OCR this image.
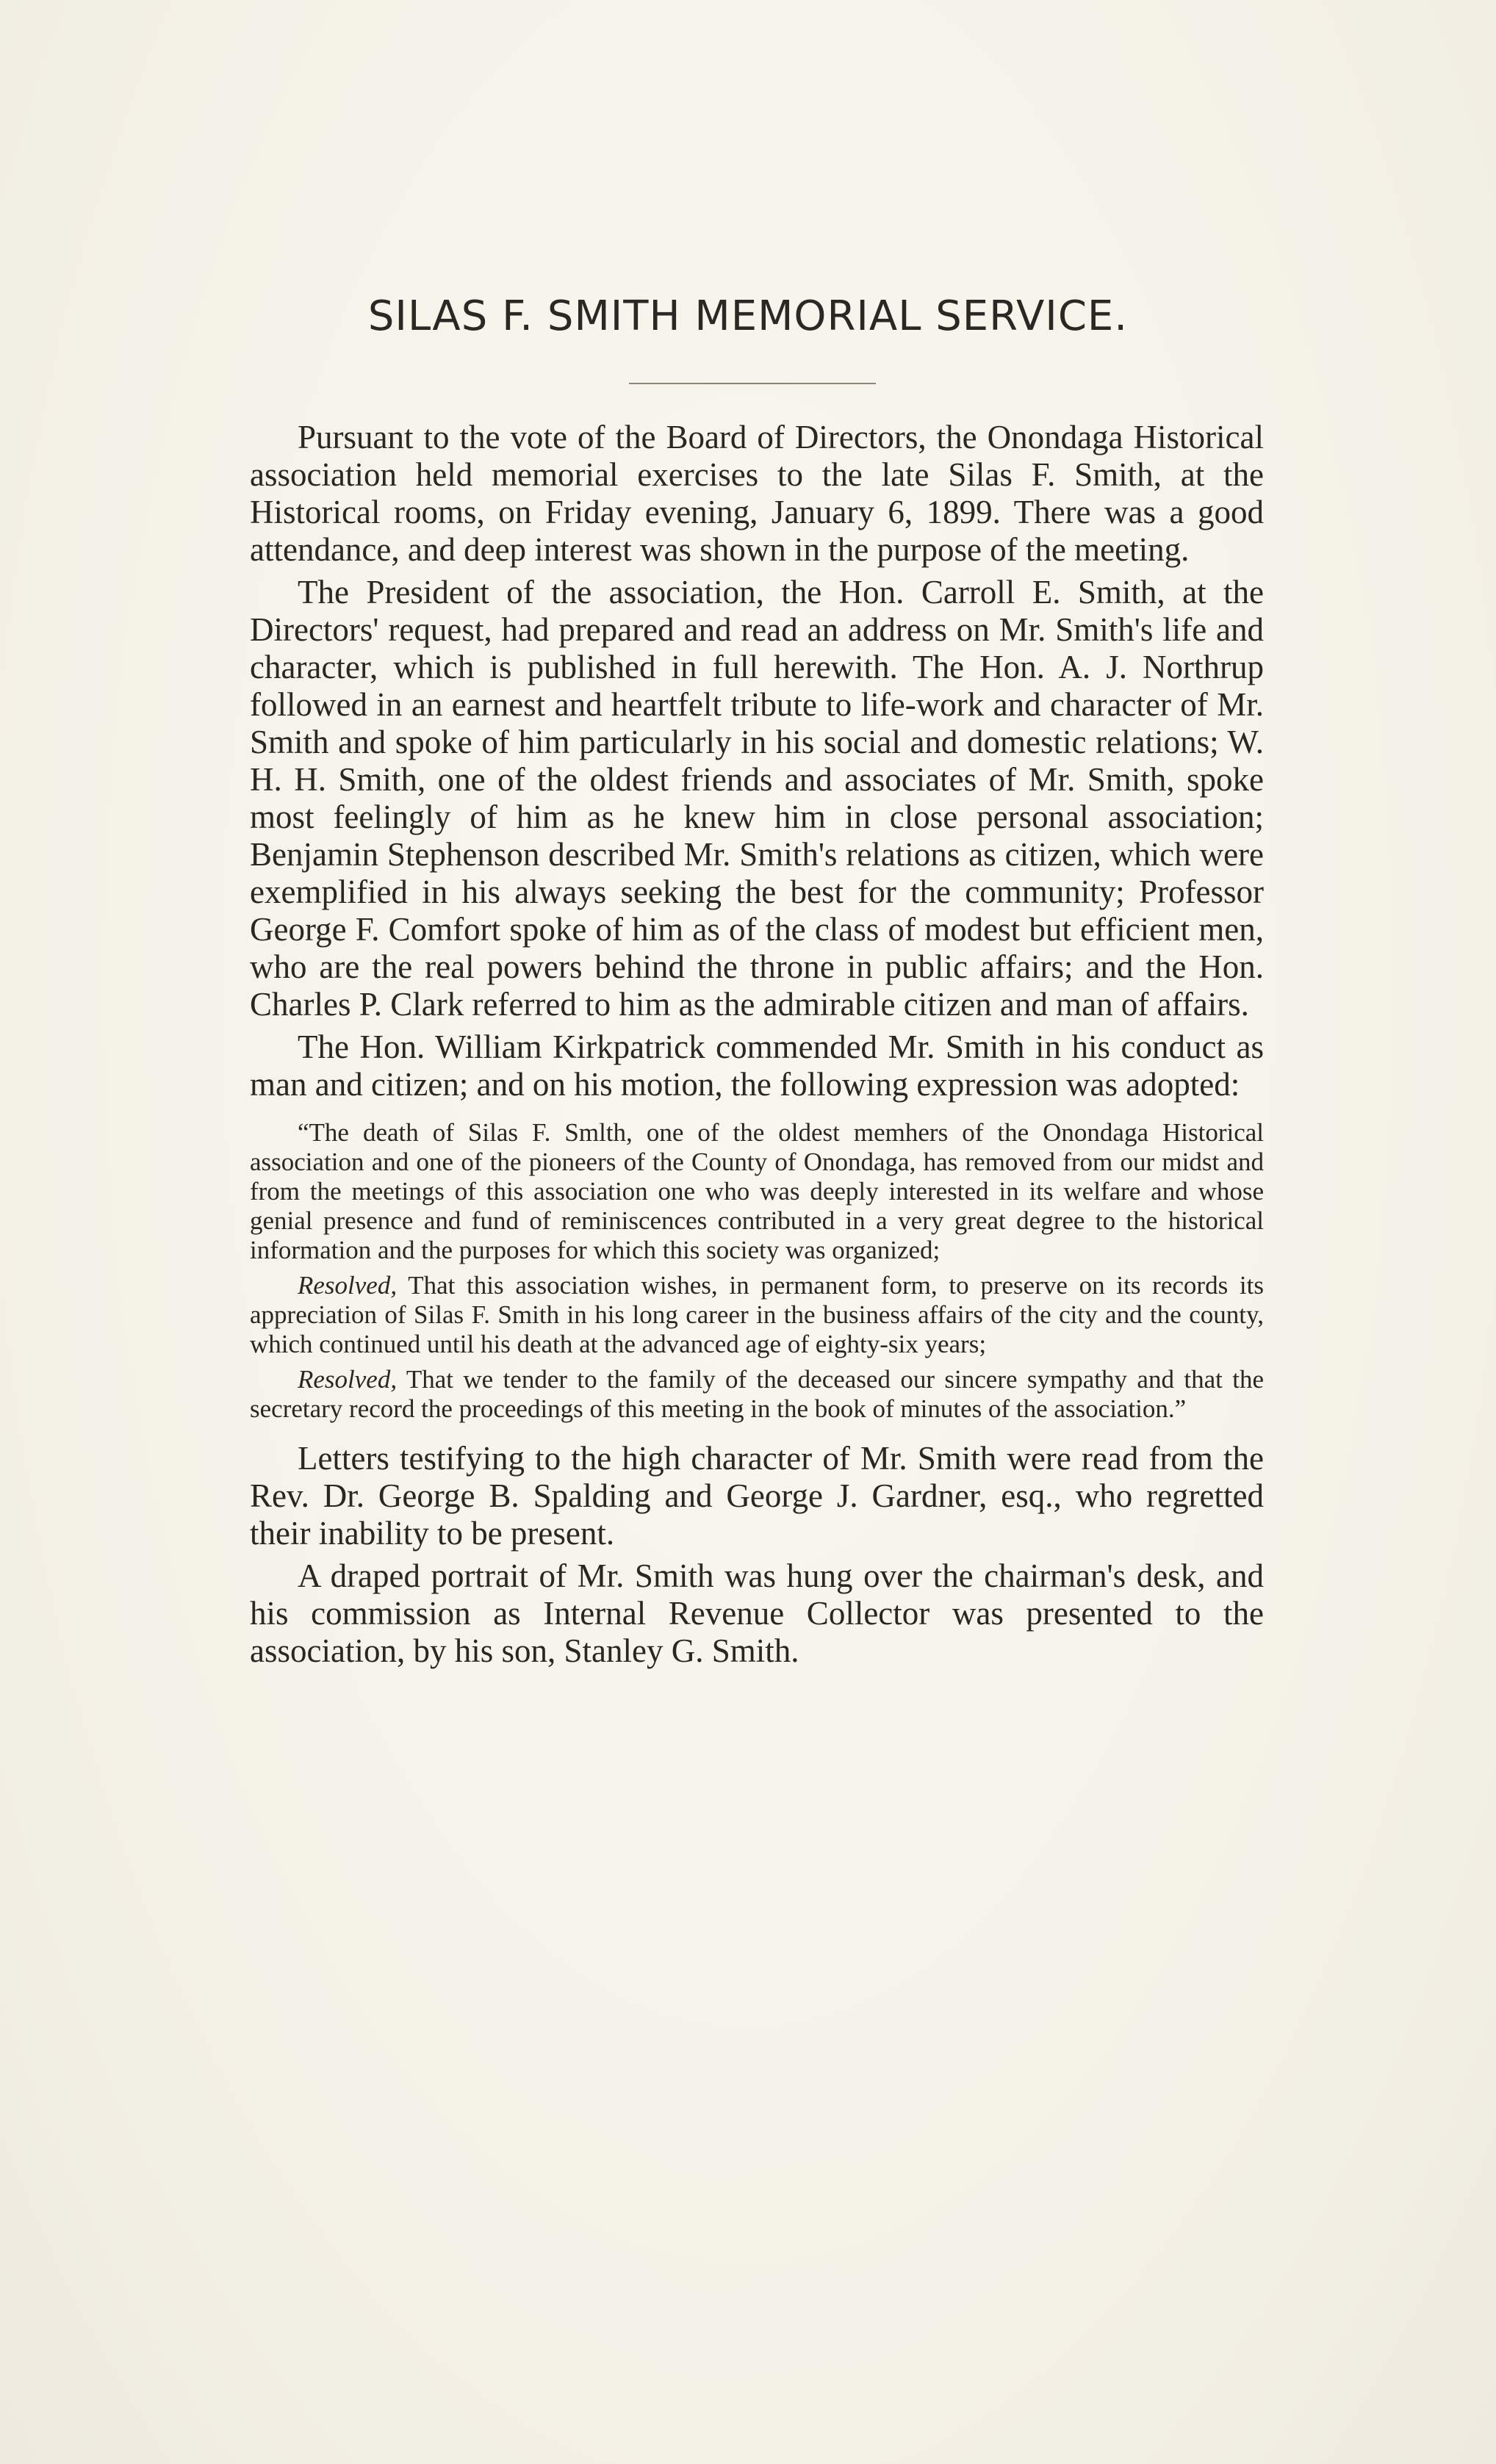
SILAS F. SMITH MEMORIAL SERVICE.

Pursuant to the vote of the Board of Directors, the Onondaga Historical association held memorial exercises to the late Silas F. Smith, at the Historical rooms, on Friday evening, January 6, 1899. There was a good attendance, and deep interest was shown in the purpose of the meeting.

The President of the association, the Hon. Carroll E. Smith, at the Directors' request, had prepared and read an address on Mr. Smith's life and character, which is published in full herewith. The Hon. A. J. Northrup followed in an earnest and heartfelt tribute to life-work and character of Mr. Smith and spoke of him particularly in his social and domestic relations; W. H. H. Smith, one of the oldest friends and associates of Mr. Smith, spoke most feelingly of him as he knew him in close personal association; Benjamin Stephenson described Mr. Smith's relations as citizen, which were exemplified in his always seeking the best for the community; Professor George F. Comfort spoke of him as of the class of modest but efficient men, who are the real powers behind the throne in public affairs; and the Hon. Charles P. Clark referred to him as the admirable citizen and man of affairs.

The Hon. William Kirkpatrick commended Mr. Smith in his conduct as man and citizen; and on his motion, the following expression was adopted:

“The death of Silas F. Smlth, one of the oldest memhers of the Onondaga Historical association and one of the pioneers of the County of Onondaga, has removed from our midst and from the meetings of this association one who was deeply interested in its welfare and whose genial presence and fund of reminiscences contributed in a very great degree to the historical information and the purposes for which this society was organized;

Resolved, That this association wishes, in permanent form, to preserve on its records its appreciation of Silas F. Smith in his long career in the business affairs of the city and the county, which continued until his death at the advanced age of eighty-six years;

Resolved, That we tender to the family of the deceased our sincere sympathy and that the secretary record the proceedings of this meeting in the book of minutes of the association.”

Letters testifying to the high character of Mr. Smith were read from the Rev. Dr. George B. Spalding and George J. Gardner, esq., who regretted their inability to be present.

A draped portrait of Mr. Smith was hung over the chairman's desk, and his commission as Internal Revenue Collector was presented to the association, by his son, Stanley G. Smith.
